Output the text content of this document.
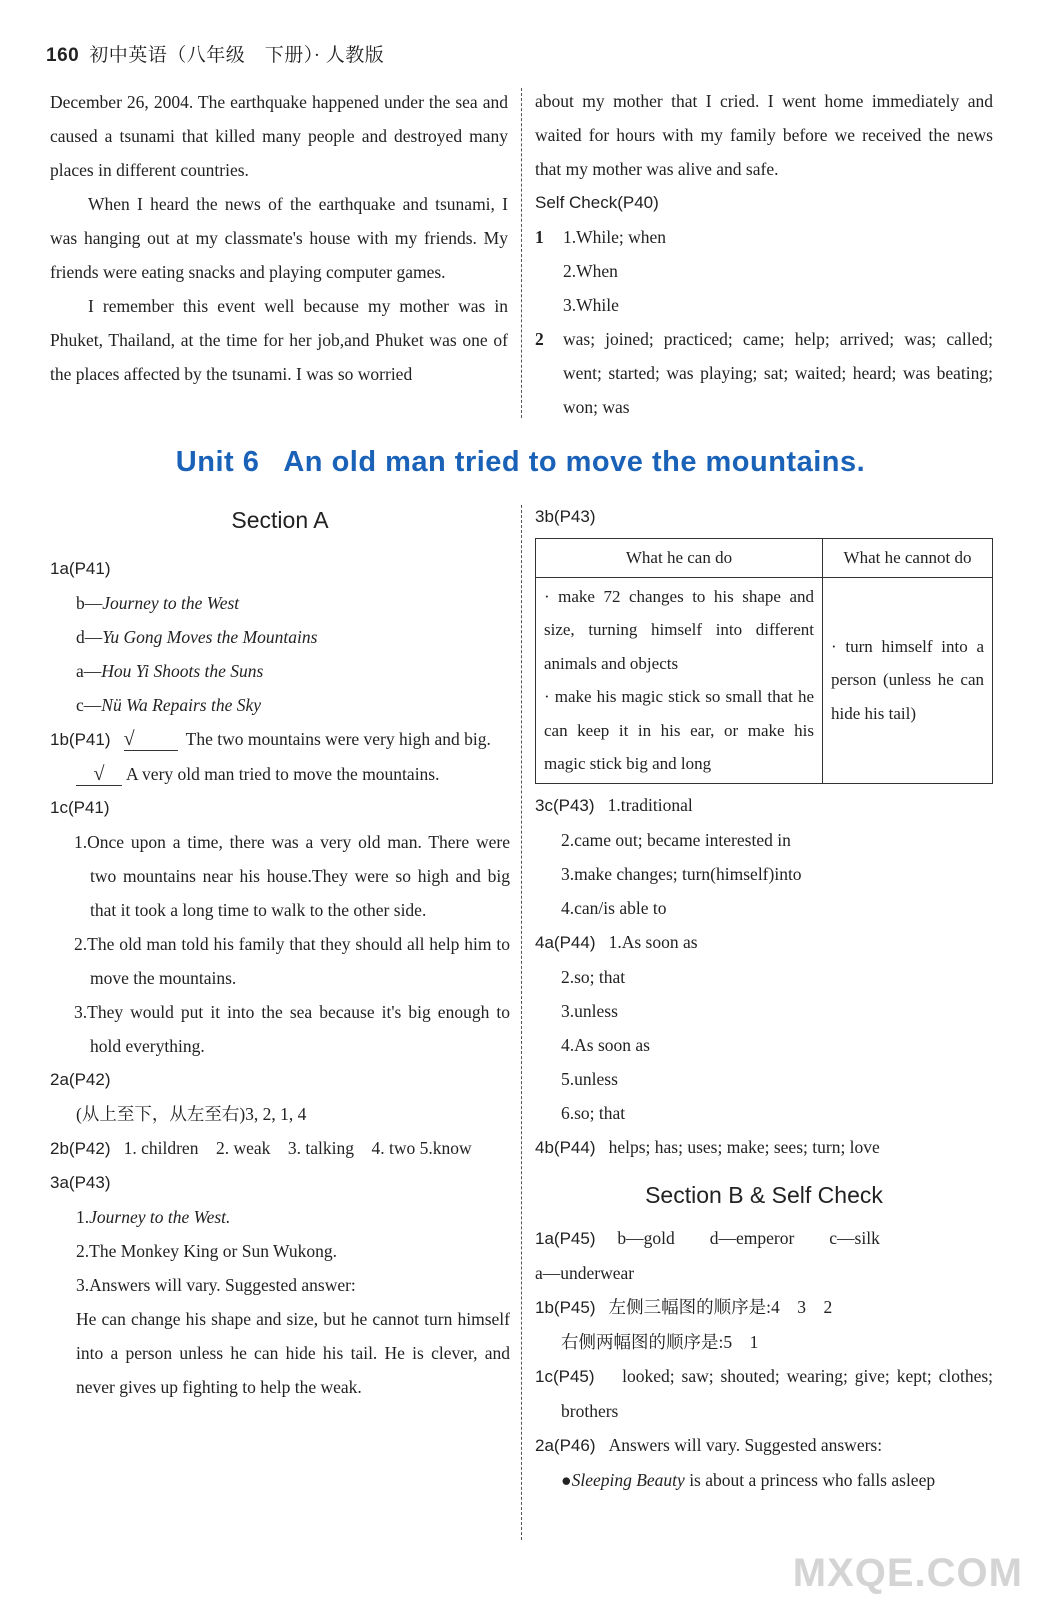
160 初中英语（八年级　下册）· 人教版

December 26, 2004. The earthquake happened under the sea and caused a tsunami that killed many people and destroyed many places in different countries.

When I heard the news of the earthquake and tsunami, I was hanging out at my classmate's house with my friends. My friends were eating snacks and playing computer games.

I remember this event well because my mother was in Phuket, Thailand, at the time for her job,and Phuket was one of the places affected by the tsunami. I was so worried

about my mother that I cried. I went home immediately and waited for hours with my family before we received the news that my mother was alive and safe.

Self Check(P40)
1 1.While; when
2.When
3.While
2	was; joined; practiced; came; help; arrived; was; called; went; started; was playing; sat; waited; heard; was beating; won; was

Unit 6 An old man tried to move the mountains.
Section A
1a(P41)
b—Journey to the West
d—Yu Gong Moves the Mountains
a—Hou Yi Shoots the Suns
c—Nü Wa Repairs the Sky

1b(P41) √	The two mountains were very high and big.

√ A very old man tried to move the mountains.
1c(P41)

1.Once upon a time, there was a very old man. There were two mountains near his house.They were so high and big that it took a long time to walk to the other side.

2.The old man told his family that they should all help him to move the mountains.

3.They would put it into the sea because it's big enough to hold everything.

2a(P42)
(从上至下，从左至右)3, 2, 1, 4

2b(P42) 1. children　2. weak　3. talking　4. two 5.know

3a(P43)
1.Journey to the West.
2.The Monkey King or Sun Wukong.
3.Answers will vary. Suggested answer:

He can change his shape and size, but he cannot turn himself into a person unless he can hide his tail. He is clever, and never gives up fighting to help the weak.

3b(P43)
What he can do	What he cannot do

· make 72 changes to his shape and size, turning himself into different animals and objects

· make his magic stick so small that he can keep it in his ear, or make his magic stick big and long	· turn himself into a person (unless he can hide his tail)

3c(P43) 1.traditional
2.came out; became interested in
3.make changes; turn(himself)into
4.can/is able to
4a(P44) 1.As soon as
2.so; that
3.unless
4.As soon as
5.unless
6.so; that
4b(P44) helps; has; uses; make; sees; turn; love
Section B & Self Check
1a(P45) b—gold　　d—emperor　　c—silk
a—underwear
1b(P45) 左侧三幅图的顺序是:4　3　2
右侧两幅图的顺序是:5　1

1c(P45) looked; saw; shouted; wearing; give; kept; clothes; brothers

2a(P46) Answers will vary. Suggested answers:
●Sleeping Beauty is about a princess who falls asleep
MXQE.COM
